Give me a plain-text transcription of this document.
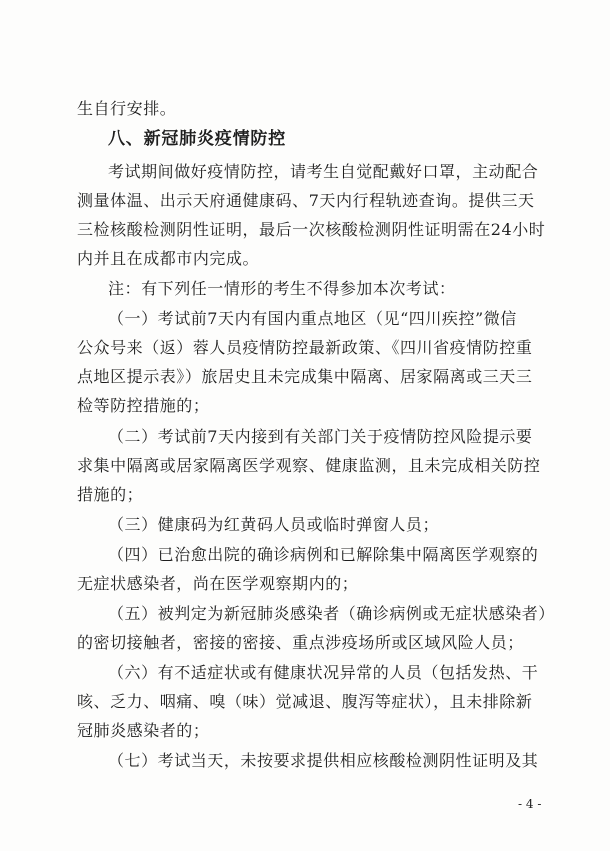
生自行安排。
八、新冠肺炎疫情防控
考试期间做好疫情防控，请考生自觉配戴好口罩，主动配合
测量体温、出示天府通健康码、7天内行程轨迹查询。提供三天
三检核酸检测阴性证明，最后一次核酸检测阴性证明需在24小时
内并且在成都市内完成。
注：有下列任一情形的考生不得参加本次考试：
（一）考试前7天内有国内重点地区（见“四川疾控”微信
公众号来（返）蓉人员疫情防控最新政策、《四川省疫情防控重
点地区提示表》）旅居史且未完成集中隔离、居家隔离或三天三
检等防控措施的；
（二）考试前7天内接到有关部门关于疫情防控风险提示要
求集中隔离或居家隔离医学观察、健康监测，且未完成相关防控
措施的；
（三）健康码为红黄码人员或临时弹窗人员；
（四）已治愈出院的确诊病例和已解除集中隔离医学观察的
无症状感染者，尚在医学观察期内的；
（五）被判定为新冠肺炎感染者（确诊病例或无症状感染者）
的密切接触者，密接的密接、重点涉疫场所或区域风险人员；
（六）有不适症状或有健康状况异常的人员（包括发热、干
咳、乏力、咽痛、嗅（味）觉减退、腹泻等症状），且未排除新
冠肺炎感染者的；
（七）考试当天，未按要求提供相应核酸检测阴性证明及其
- 4 -
